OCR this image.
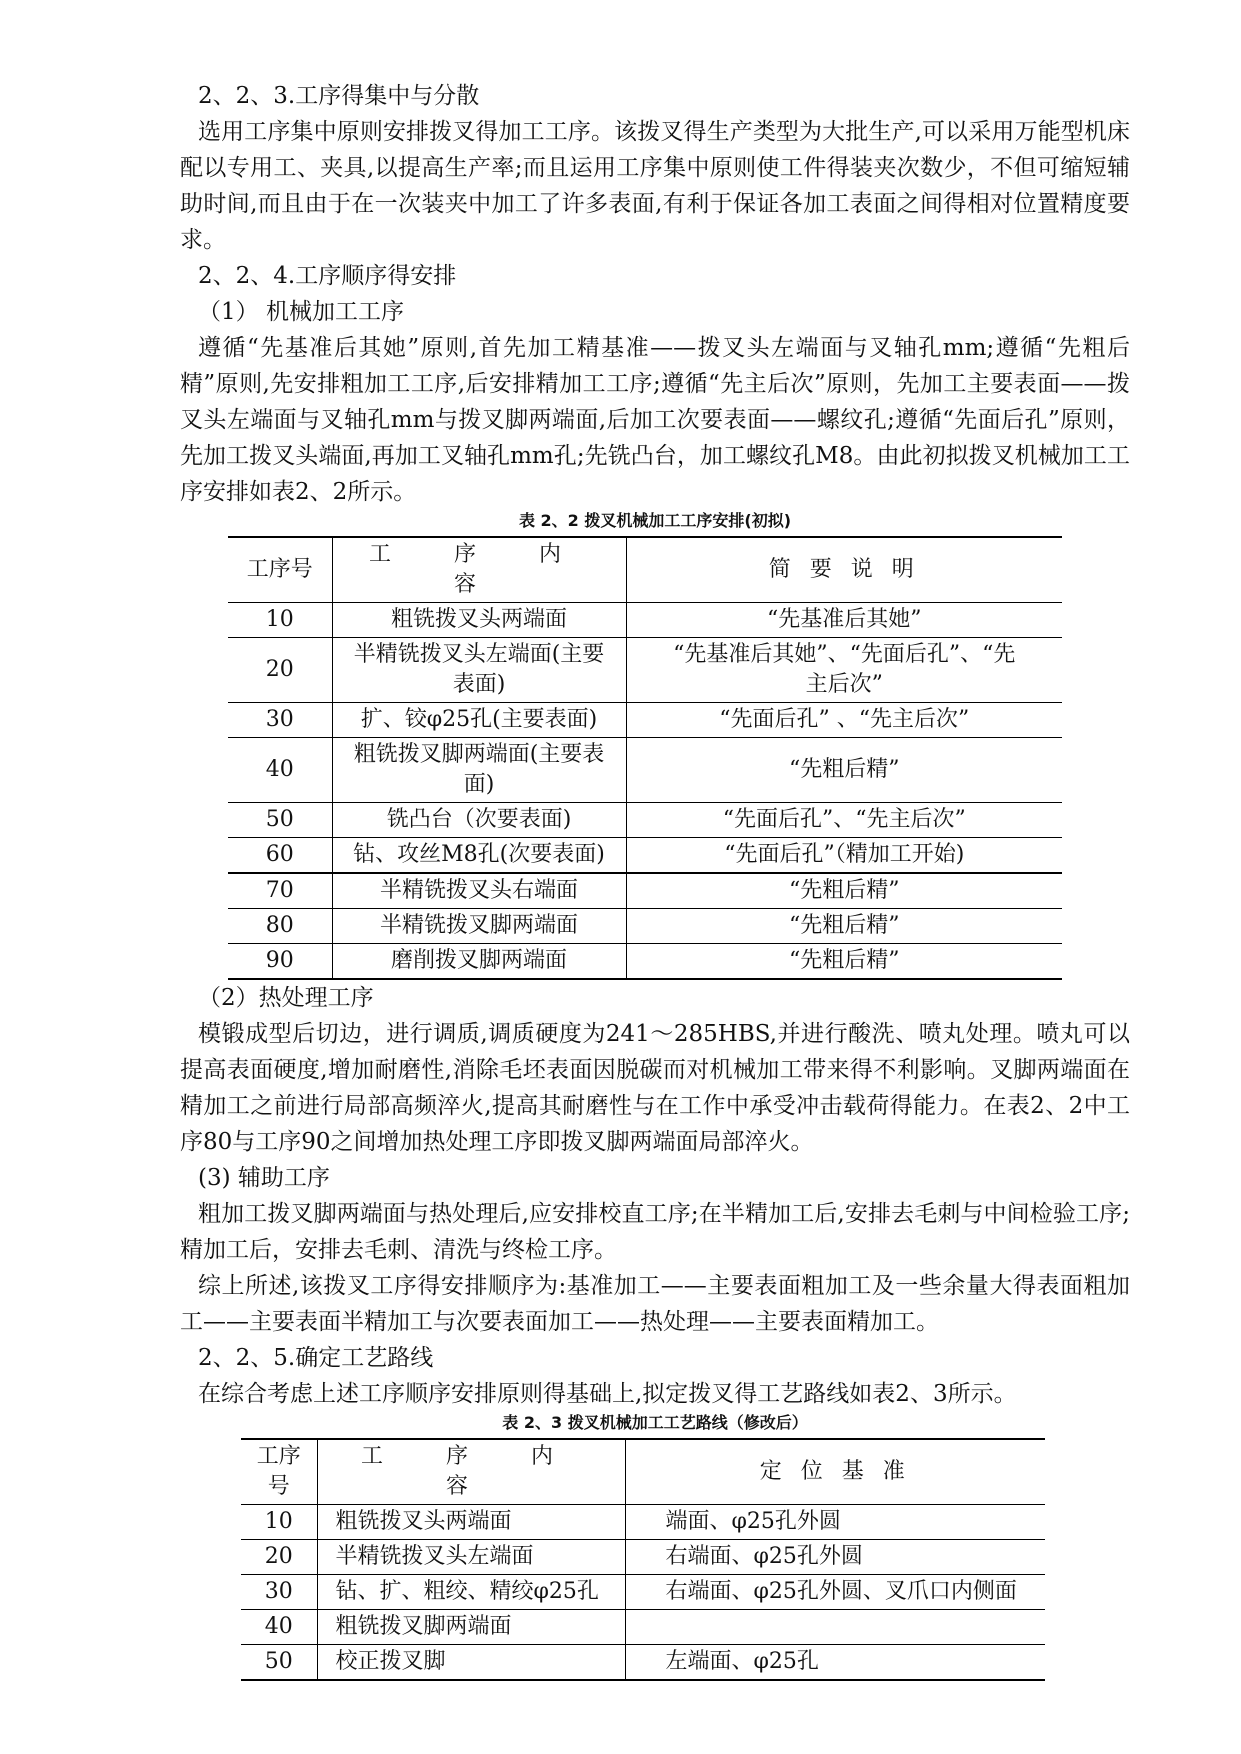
2、2、3.工序得集中与分散

选用工序集中原则安排拨叉得加工工序。该拨叉得生产类型为大批生产,可以采用万能型机床配以专用工、夹具,以提高生产率;而且运用工序集中原则使工件得装夹次数少，不但可缩短辅助时间,而且由于在一次装夹中加工了许多表面,有利于保证各加工表面之间得相对位置精度要求。

2、2、4.工序顺序得安排

（1） 机械加工工序

遵循“先基准后其她”原则,首先加工精基准——拨叉头左端面与叉轴孔mm;遵循“先粗后精”原则,先安排粗加工工序,后安排精加工工序;遵循“先主后次”原则，先加工主要表面——拨叉头左端面与叉轴孔mm与拨叉脚两端面,后加工次要表面——螺纹孔;遵循“先面后孔”原则，先加工拨叉头端面,再加工叉轴孔mm孔;先铣凸台，加工螺纹孔M8。由此初拟拨叉机械加工工序安排如表2、2所示。

表 2、2 拨叉机械加工工序安排(初拟)

工序号	工 序 内 容	简 要 说 明
10	粗铣拨叉头两端面	“先基准后其她”
20	半精铣拨叉头左端面(主要表面)	“先基准后其她”、“先面后孔”、“先主后次”
30	扩、铰φ25孔(主要表面)	“先面后孔” 、“先主后次”
40	粗铣拨叉脚两端面(主要表面)	“先粗后精”
50	铣凸台（次要表面)	“先面后孔”、“先主后次”
60	钻、攻丝M8孔(次要表面)	“先面后孔”（精加工开始)
70	半精铣拨叉头右端面	“先粗后精”
80	半精铣拨叉脚两端面	“先粗后精”
90	磨削拨叉脚两端面	“先粗后精”

（2）热处理工序

模锻成型后切边，进行调质,调质硬度为241～285HBS,并进行酸洗、喷丸处理。喷丸可以提高表面硬度,增加耐磨性,消除毛坯表面因脱碳而对机械加工带来得不利影响。叉脚两端面在精加工之前进行局部高频淬火,提高其耐磨性与在工作中承受冲击载荷得能力。在表2、2中工序80与工序90之间增加热处理工序即拨叉脚两端面局部淬火。

(3) 辅助工序

粗加工拨叉脚两端面与热处理后,应安排校直工序;在半精加工后,安排去毛刺与中间检验工序;精加工后，安排去毛刺、清洗与终检工序。

综上所述,该拨叉工序得安排顺序为:基准加工——主要表面粗加工及一些余量大得表面粗加工——主要表面半精加工与次要表面加工——热处理——主要表面精加工。

2、2、5.确定工艺路线

在综合考虑上述工序顺序安排原则得基础上,拟定拨叉得工艺路线如表2、3所示。

表 2、3 拨叉机械加工工艺路线（修改后）

工序号	工 序 内 容	定 位 基 准
10	粗铣拨叉头两端面	端面、φ25孔外圆
20	半精铣拨叉头左端面	右端面、φ25孔外圆
30	钻、扩、粗绞、精绞φ25孔	右端面、φ25孔外圆、叉爪口内侧面
40	粗铣拨叉脚两端面	
50	校正拨叉脚	左端面、φ25孔
